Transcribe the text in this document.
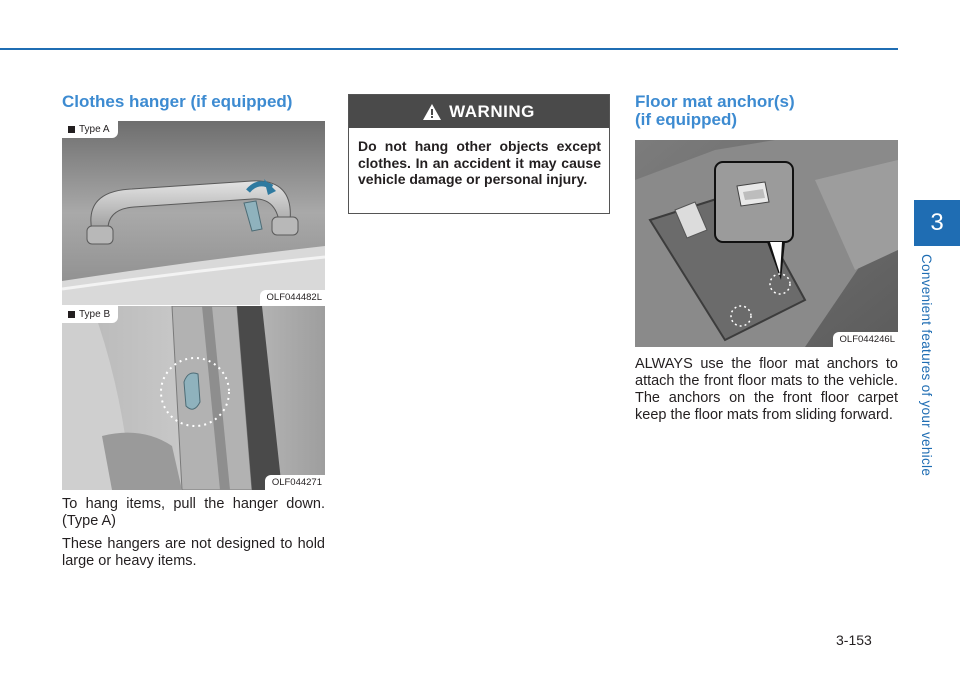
Clothes hanger (if equipped)
Type A
OLF044482L
Type B
OLF044271

To hang items, pull the hanger down. (Type A)

These hangers are not designed to hold large or heavy items.

WARNING
Do not hang other objects except clothes. In an accident it may cause vehicle damage or personal injury.
Floor mat anchor(s)
(if equipped)
OLF044246L

ALWAYS use the floor mat anchors to attach the front floor mats to the vehicle. The anchors on the front floor carpet keep the floor mats from sliding forward.

3
Convenient features of your vehicle
3-153
